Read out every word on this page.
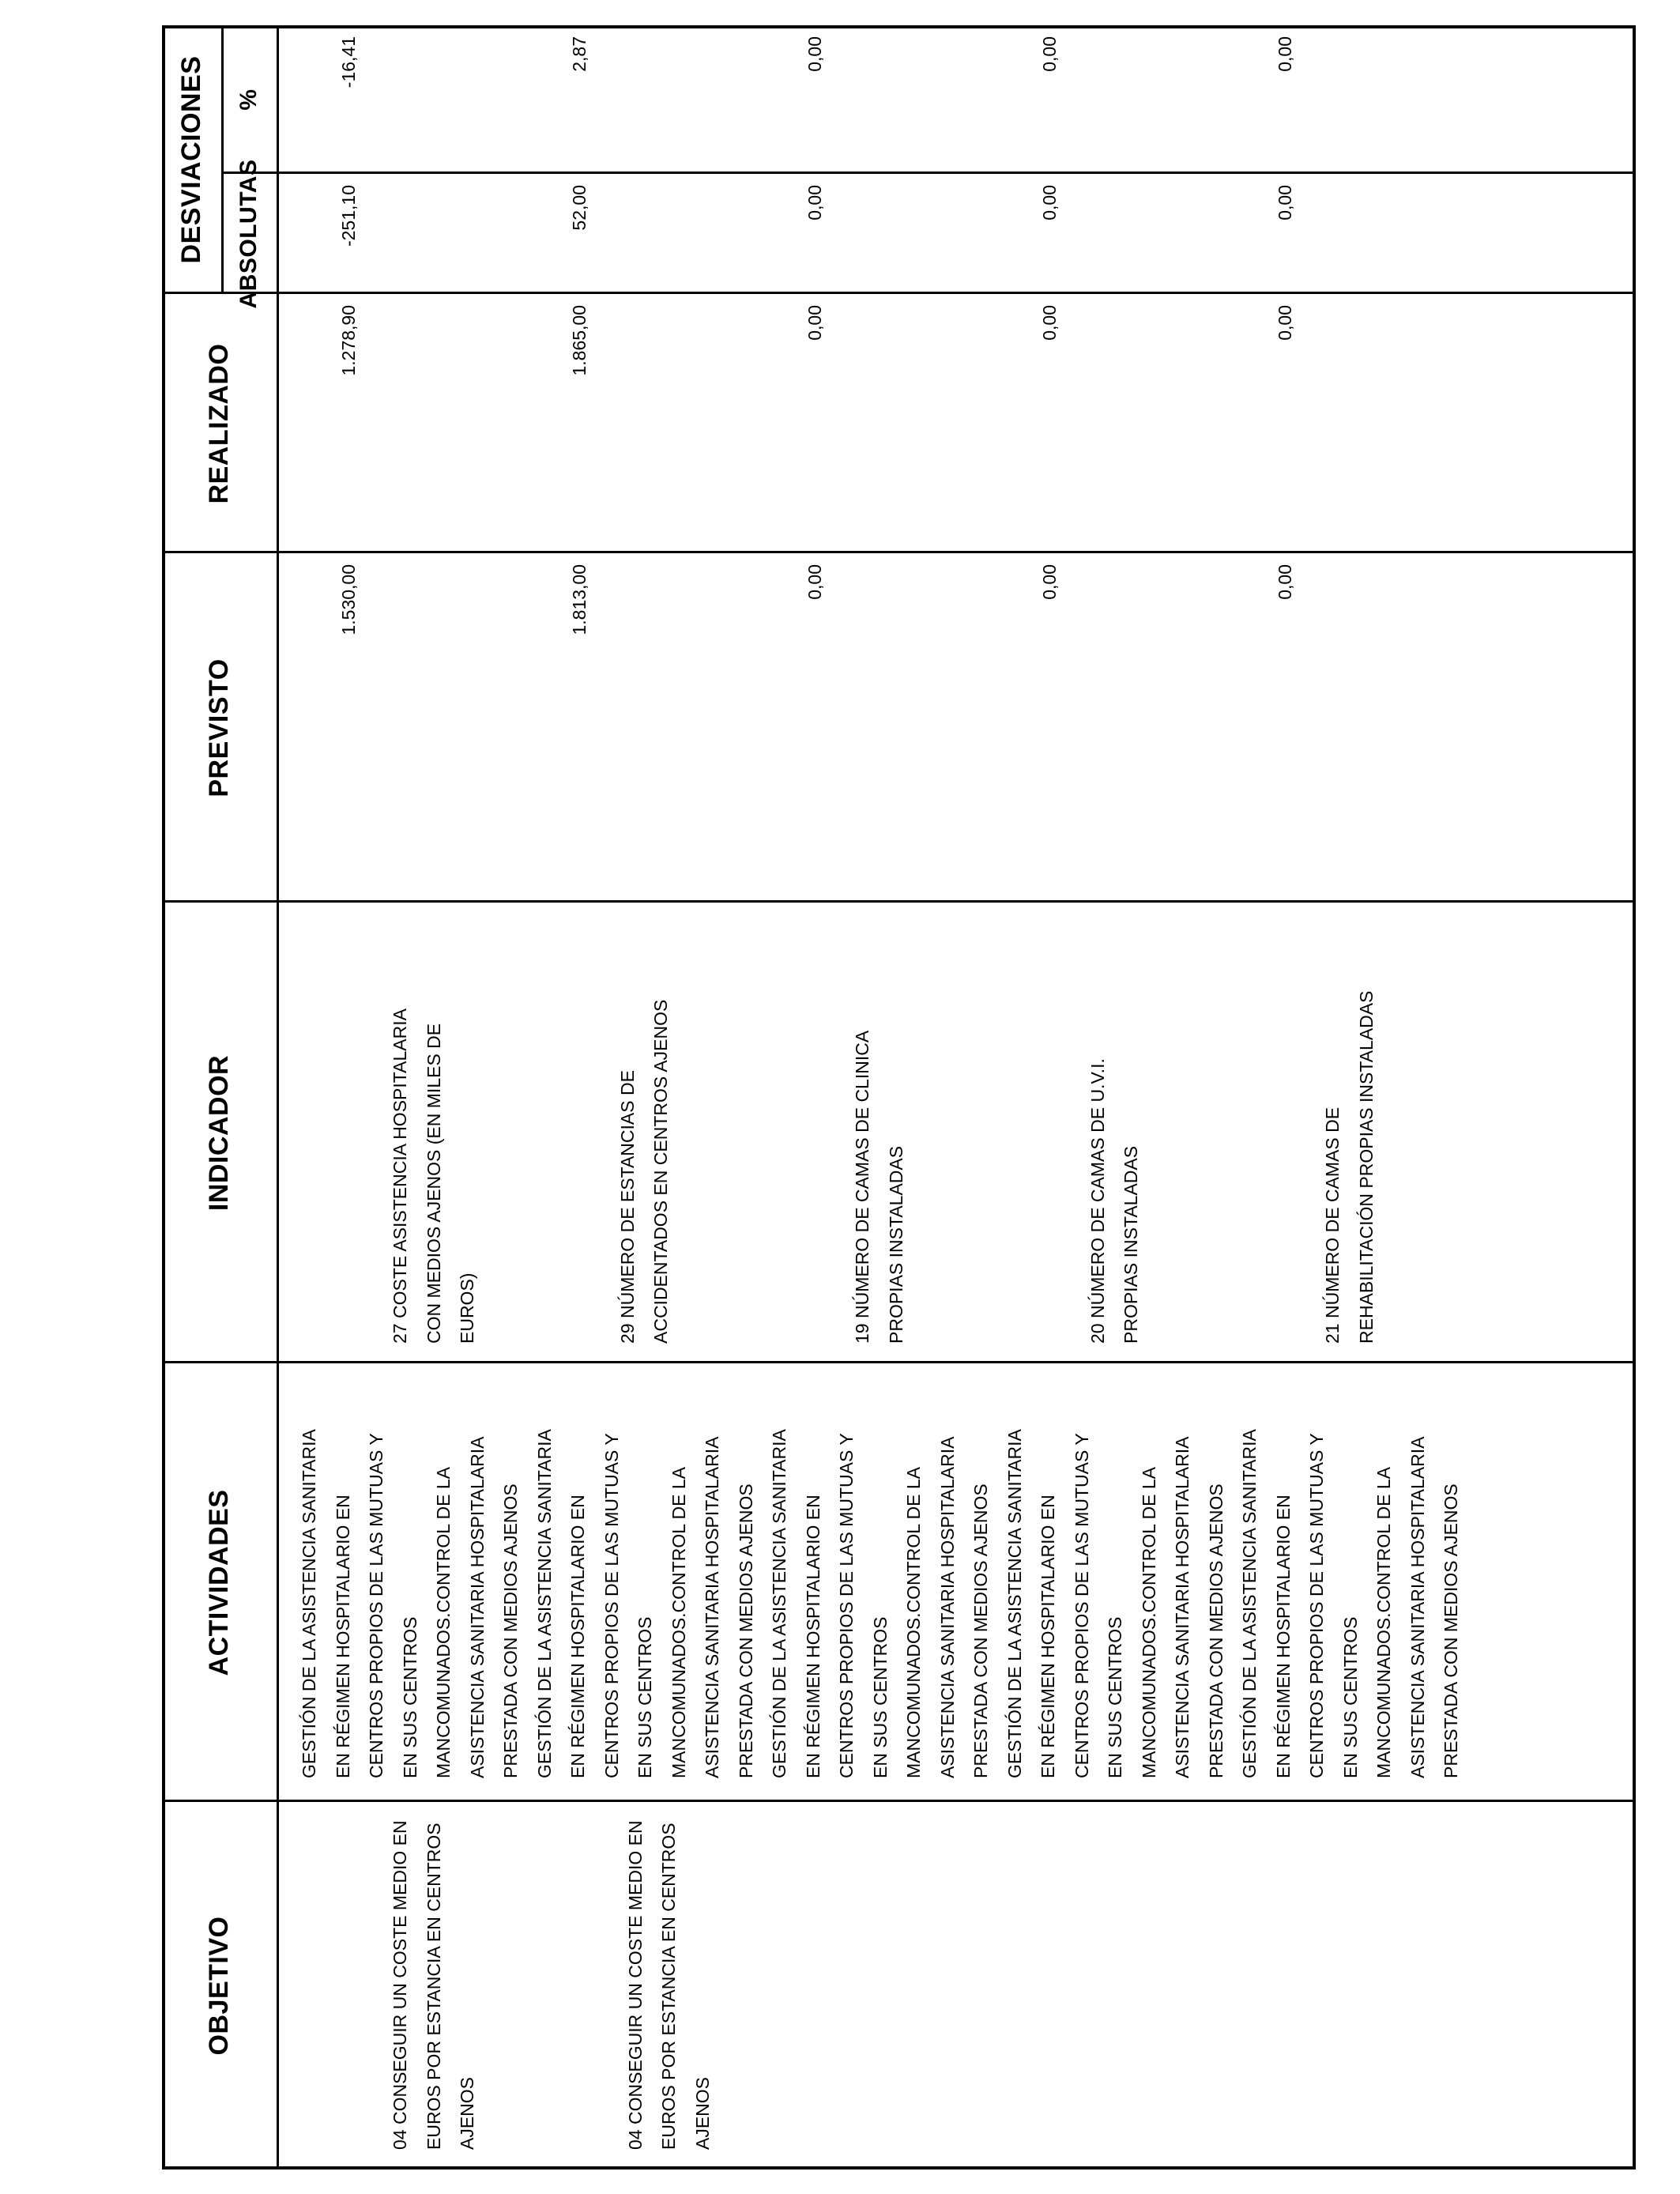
OBJETIVO
ACTIVIDADES
INDICADOR
PREVISTO
REALIZADO
DESVIACIONES	ABSOLUTAS
%
GESTIÓN DE LA ASISTENCIA SANITARIA
EN RÉGIMEN HOSPITALARIO EN
CENTROS PROPIOS DE LAS MUTUAS Y
EN SUS CENTROS
MANCOMUNADOS.CONTROL DE LA
ASISTENCIA SANITARIA HOSPITALARIA
PRESTADA CON MEDIOS AJENOS
GESTIÓN DE LA ASISTENCIA SANITARIA
EN RÉGIMEN HOSPITALARIO EN
CENTROS PROPIOS DE LAS MUTUAS Y
EN SUS CENTROS
MANCOMUNADOS.CONTROL DE LA
ASISTENCIA SANITARIA HOSPITALARIA
PRESTADA CON MEDIOS AJENOS
GESTIÓN DE LA ASISTENCIA SANITARIA
EN RÉGIMEN HOSPITALARIO EN
CENTROS PROPIOS DE LAS MUTUAS Y
EN SUS CENTROS
MANCOMUNADOS.CONTROL DE LA
ASISTENCIA SANITARIA HOSPITALARIA
PRESTADA CON MEDIOS AJENOS
GESTIÓN DE LA ASISTENCIA SANITARIA
EN RÉGIMEN HOSPITALARIO EN
CENTROS PROPIOS DE LAS MUTUAS Y
EN SUS CENTROS
MANCOMUNADOS.CONTROL DE LA
ASISTENCIA SANITARIA HOSPITALARIA
PRESTADA CON MEDIOS AJENOS
GESTIÓN DE LA ASISTENCIA SANITARIA
EN RÉGIMEN HOSPITALARIO EN
CENTROS PROPIOS DE LAS MUTUAS Y
EN SUS CENTROS
MANCOMUNADOS.CONTROL DE LA
ASISTENCIA SANITARIA HOSPITALARIA
PRESTADA CON MEDIOS AJENOS
04 CONSEGUIR UN COSTE MEDIO EN
EUROS POR ESTANCIA EN CENTROS
AJENOS	04 CONSEGUIR UN COSTE MEDIO EN
EUROS POR ESTANCIA EN CENTROS
AJENOS
27 COSTE ASISTENCIA HOSPITALARIA
CON MEDIOS AJENOS (EN MILES DE
EUROS)
1.530,00
1.278,90
-251,10
-16,41
29 NÚMERO DE ESTANCIAS DE
ACCIDENTADOS EN CENTROS AJENOS
1.813,00
1.865,00
52,00
2,87
19 NÚMERO DE CAMAS DE CLINICA
PROPIAS INSTALADAS
0,00
0,00
0,00
0,00
20 NÚMERO DE CAMAS DE U.V.I.
PROPIAS INSTALADAS
0,00
0,00
0,00
0,00
21 NÚMERO DE CAMAS DE
REHABILITACIÓN PROPIAS INSTALADAS
0,00
0,00
0,00
0,00
